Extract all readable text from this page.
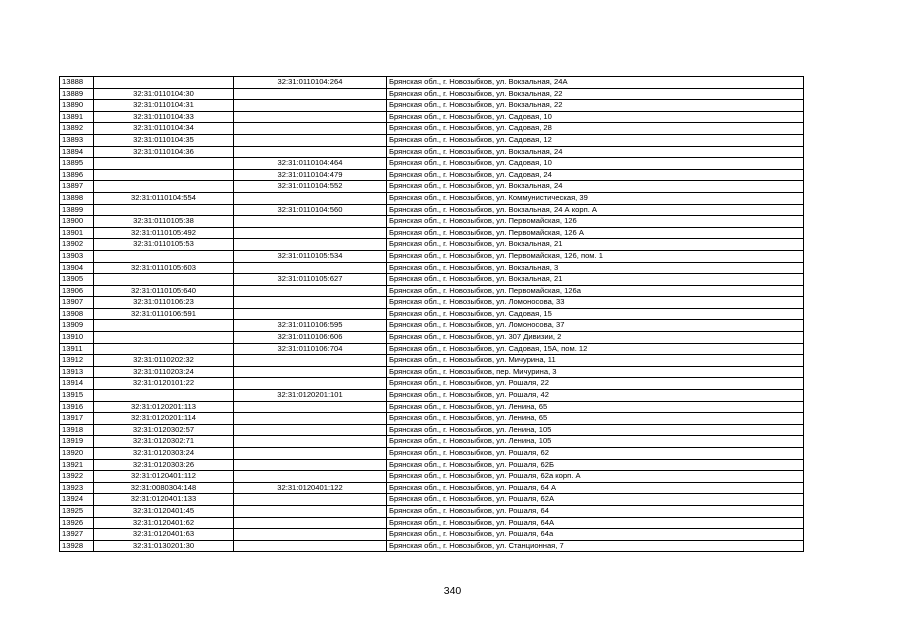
13888		32:31:0110104:264	Брянская обл., г. Новозыбков, ул. Вокзальная, 24А
13889	32:31:0110104:30		Брянская обл., г. Новозыбков, ул. Вокзальная, 22
13890	32:31:0110104:31		Брянская обл., г. Новозыбков, ул. Вокзальная, 22
13891	32:31:0110104:33		Брянская обл., г. Новозыбков, ул. Садовая, 10
13892	32:31:0110104:34		Брянская обл., г. Новозыбков, ул. Садовая, 28
13893	32:31:0110104:35		Брянская обл., г. Новозыбков, ул. Садовая, 12
13894	32:31:0110104:36		Брянская обл., г. Новозыбков, ул. Вокзальная, 24
13895		32:31:0110104:464	Брянская обл., г. Новозыбков, ул. Садовая, 10
13896		32:31:0110104:479	Брянская обл., г. Новозыбков, ул. Садовая, 24
13897		32:31:0110104:552	Брянская обл., г. Новозыбков, ул. Вокзальная, 24
13898	32:31:0110104:554		Брянская обл., г. Новозыбков, ул. Коммунистическая, 39
13899		32:31:0110104:560	Брянская обл., г. Новозыбков, ул. Вокзальная, 24 А корп. А
13900	32:31:0110105:38		Брянская обл., г. Новозыбков, ул. Первомайская, 126
13901	32:31:0110105:492		Брянская обл., г. Новозыбков, ул. Первомайская, 126 А
13902	32:31:0110105:53		Брянская обл., г. Новозыбков, ул. Вокзальная, 21
13903		32:31:0110105:534	Брянская обл., г. Новозыбков, ул. Первомайская, 126, пом. 1
13904	32:31:0110105:603		Брянская обл., г. Новозыбков, ул. Вокзальная, 3
13905		32:31:0110105:627	Брянская обл., г. Новозыбков, ул. Вокзальная, 21
13906	32:31:0110105:640		Брянская обл., г. Новозыбков, ул. Первомайская, 126а
13907	32:31:0110106:23		Брянская обл., г. Новозыбков, ул. Ломоносова, 33
13908	32:31:0110106:591		Брянская обл., г. Новозыбков, ул. Садовая, 15
13909		32:31:0110106:595	Брянская обл., г. Новозыбков, ул. Ломоносова, 37
13910		32:31:0110106:606	Брянская обл., г. Новозыбков, ул. 307 Дивизии, 2
13911		32:31:0110106:704	Брянская обл., г. Новозыбков, ул. Садовая, 15А, пом. 12
13912	32:31:0110202:32		Брянская обл., г. Новозыбков, ул. Мичурина, 11
13913	32:31:0110203:24		Брянская обл., г. Новозыбков, пер. Мичурина, 3
13914	32:31:0120101:22		Брянская обл., г. Новозыбков, ул. Рошаля, 22
13915		32:31:0120201:101	Брянская обл., г. Новозыбков, ул. Рошаля, 42
13916	32:31:0120201:113		Брянская обл., г. Новозыбков, ул. Ленина, 65
13917	32:31:0120201:114		Брянская обл., г. Новозыбков, ул. Ленина, 65
13918	32:31:0120302:57		Брянская обл., г. Новозыбков, ул. Ленина, 105
13919	32:31:0120302:71		Брянская обл., г. Новозыбков, ул. Ленина, 105
13920	32:31:0120303:24		Брянская обл., г. Новозыбков, ул. Рошаля, 62
13921	32:31:0120303:26		Брянская обл., г. Новозыбков, ул. Рошаля, 62Б
13922	32:31:0120401:112		Брянская обл., г. Новозыбков, ул. Рошаля, 62а корп. А
13923	32:31:0080304:148	32:31:0120401:122	Брянская обл., г. Новозыбков, ул. Рошаля, 64 А
13924	32:31:0120401:133		Брянская обл., г. Новозыбков, ул. Рошаля, 62А
13925	32:31:0120401:45		Брянская обл., г. Новозыбков, ул. Рошаля, 64
13926	32:31:0120401:62		Брянская обл., г. Новозыбков, ул. Рошаля, 64А
13927	32:31:0120401:63		Брянская обл., г. Новозыбков, ул. Рошаля, 64а
13928	32:31:0130201:30		Брянская обл., г. Новозыбков, ул. Станционная, 7
340
